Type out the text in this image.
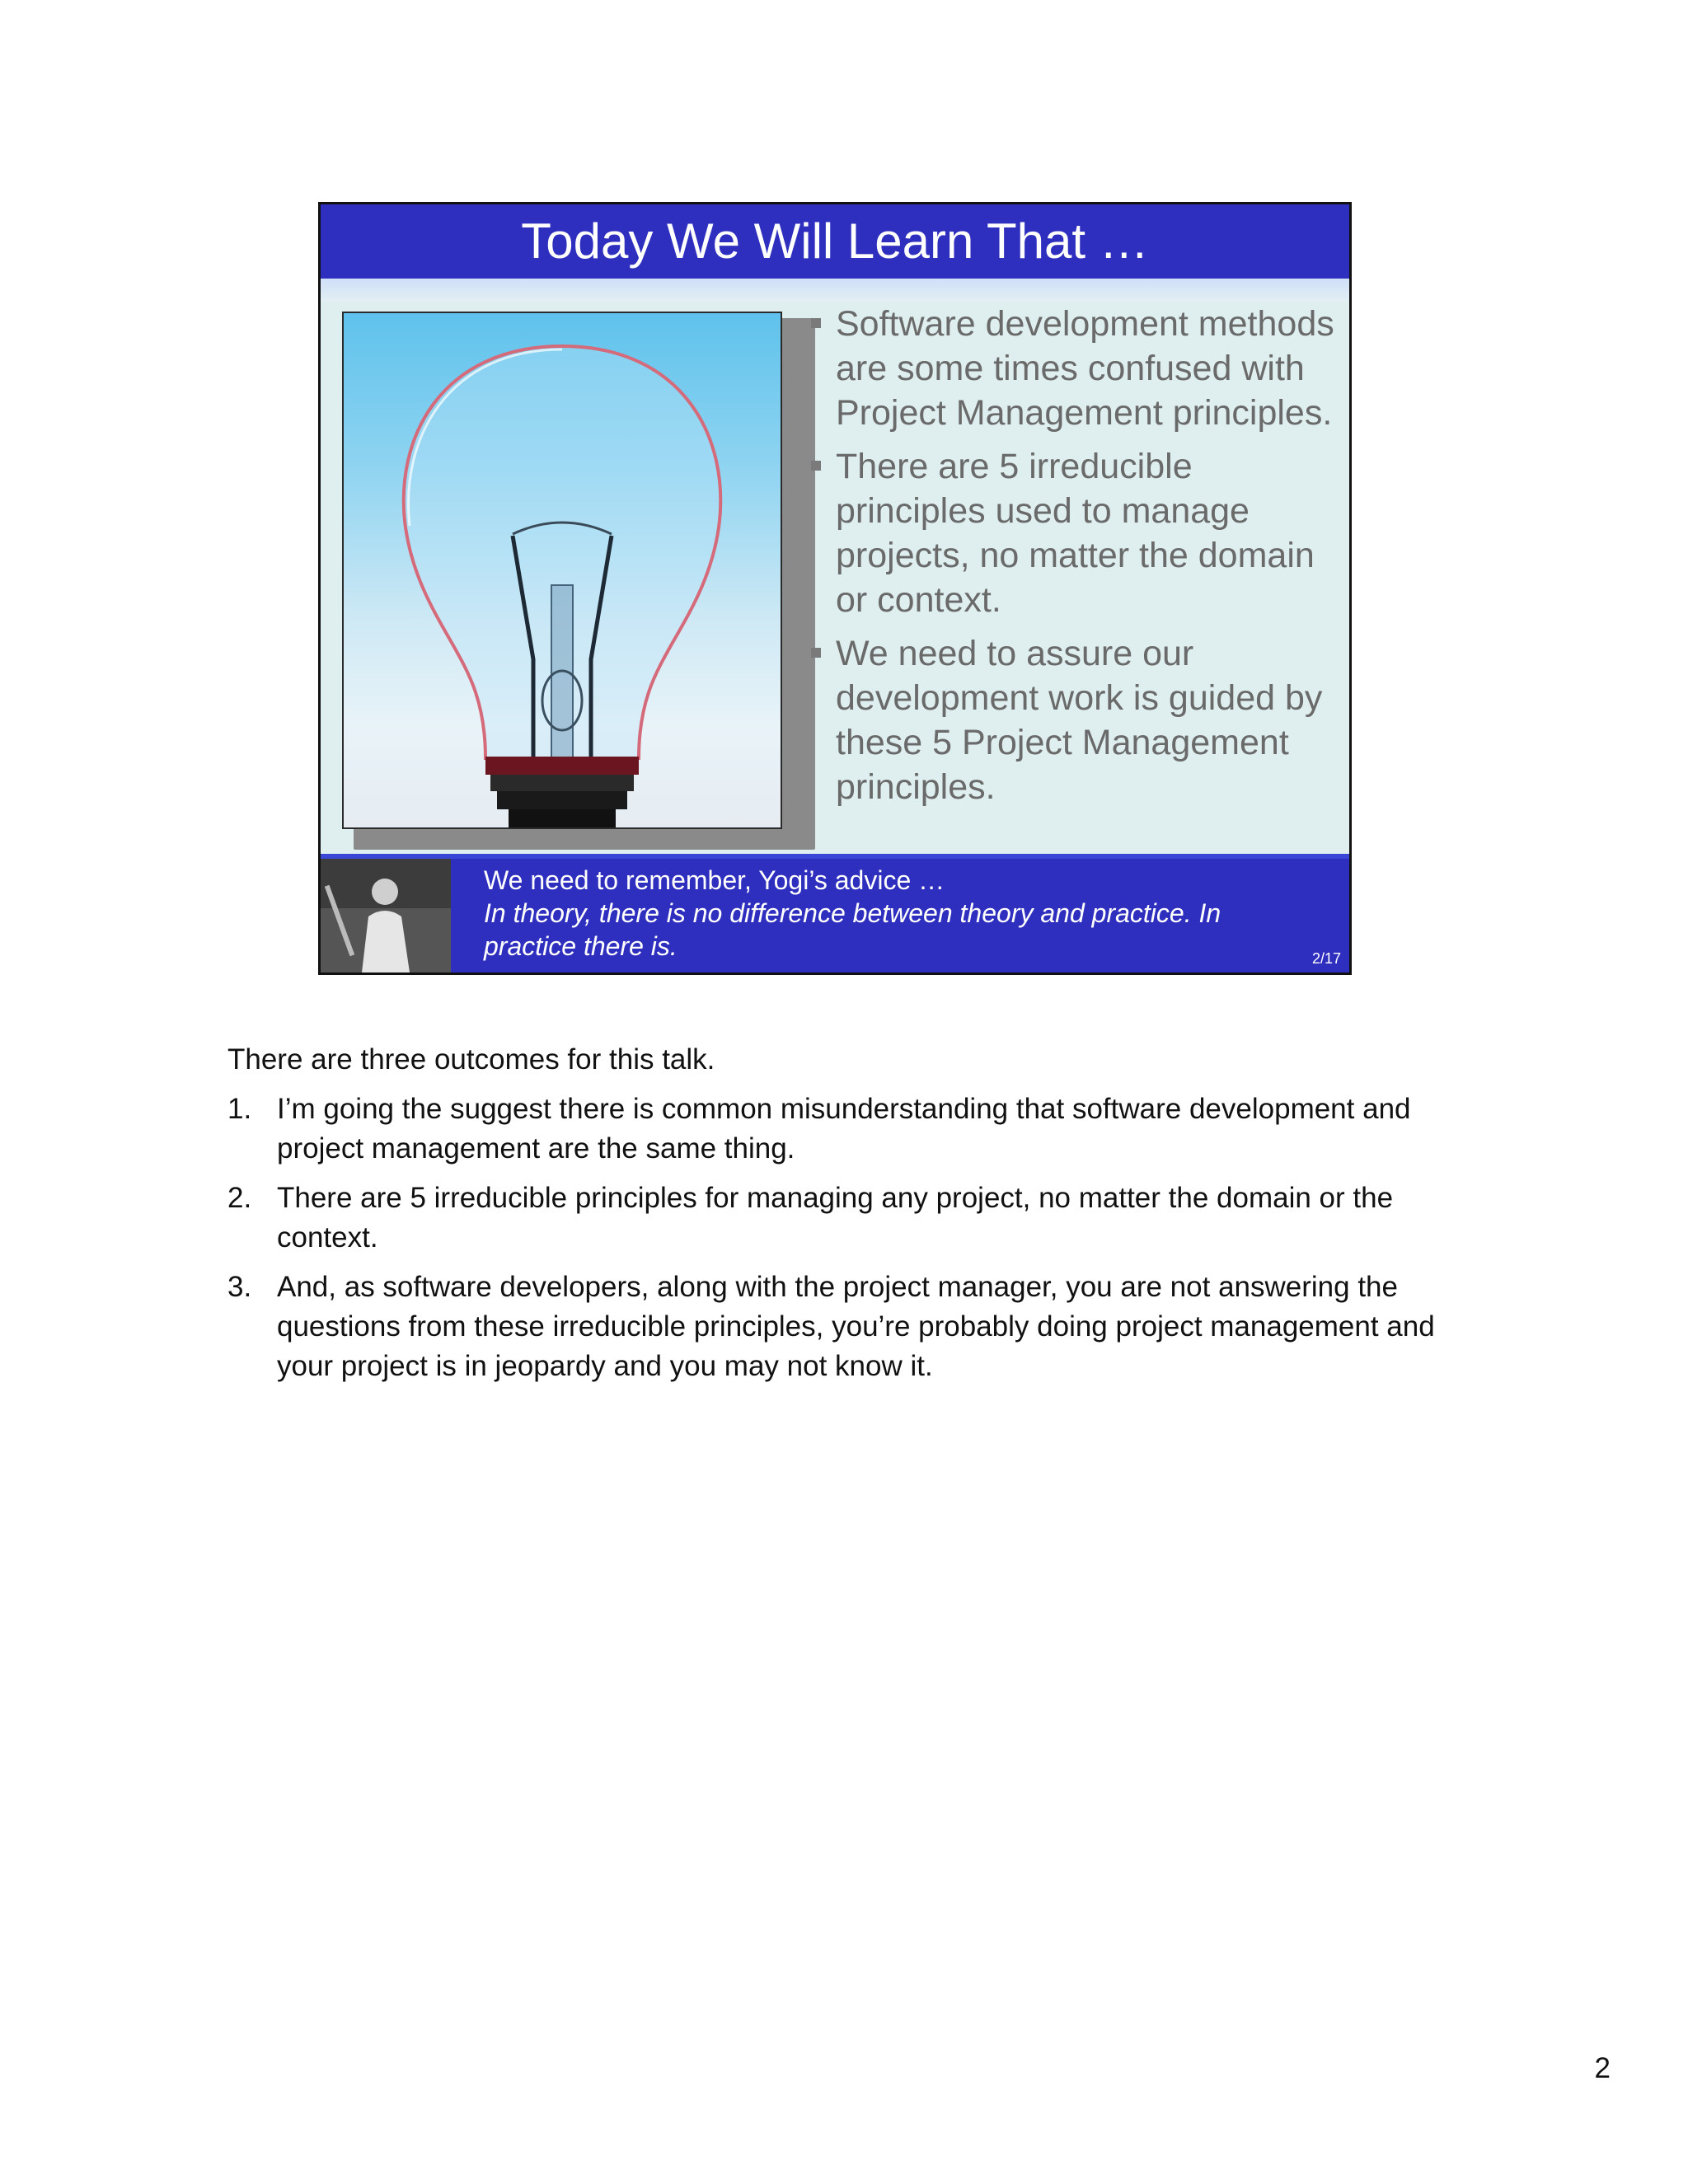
Today We Will Learn That …
Software development methods are some times confused with Project Management principles.
There are 5 irreducible principles used to manage projects, no matter the domain or context.
We need to assure our development work is guided by these 5 Project Management principles.
We need to remember, Yogi’s advice …
In theory, there is no difference between theory and practice. In practice there is.	2/17

There are three outcomes for this talk.

1. I’m going the suggest there is common misunderstanding that software development and project management are the same thing.
2. There are 5 irreducible principles for managing any project, no matter the domain or the context.
3. And, as software developers, along with the project manager, you are not answering the questions from these irreducible principles, you’re probably doing project management and your project is in jeopardy and you may not know it.
2
